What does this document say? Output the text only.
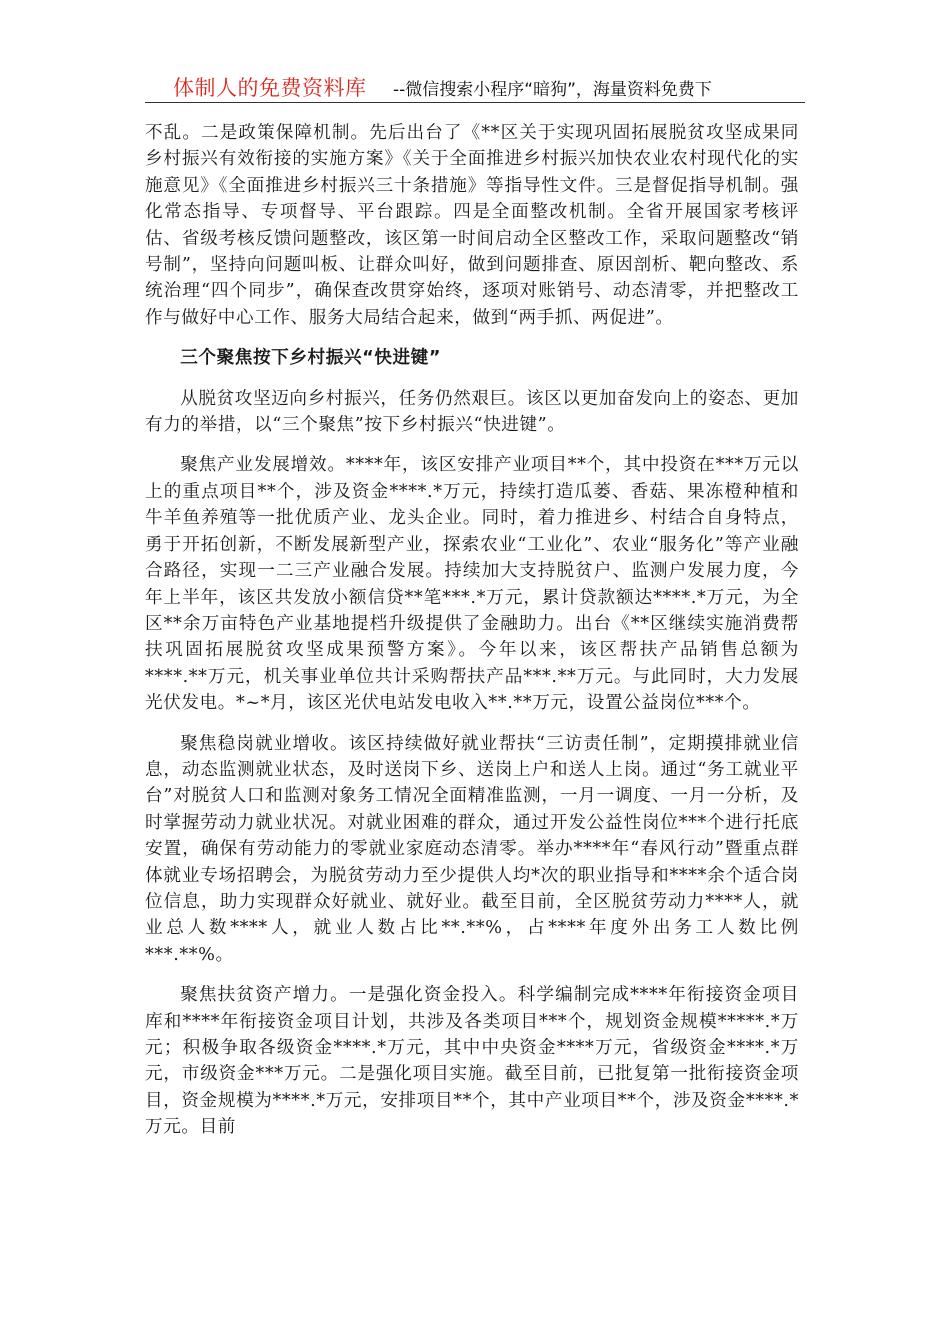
体制人的免费资料库 --微信搜索小程序“暗狗”，海量资料免费下

不乱。二是政策保障机制。先后出台了《**区关于实现巩固拓展脱贫攻坚成果同乡村振兴有效衔接的实施方案》《关于全面推进乡村振兴加快农业农村现代化的实施意见》《全面推进乡村振兴三十条措施》等指导性文件。三是督促指导机制。强化常态指导、专项督导、平台跟踪。四是全面整改机制。全省开展国家考核评估、省级考核反馈问题整改，该区第一时间启动全区整改工作，采取问题整改“销号制”，坚持向问题叫板、让群众叫好，做到问题排查、原因剖析、靶向整改、系统治理“四个同步”，确保查改贯穿始终，逐项对账销号、动态清零，并把整改工作与做好中心工作、服务大局结合起来，做到“两手抓、两促进”。

三个聚焦按下乡村振兴“快进键”

从脱贫攻坚迈向乡村振兴，任务仍然艰巨。该区以更加奋发向上的姿态、更加有力的举措，以“三个聚焦”按下乡村振兴“快进键”。

聚焦产业发展增效。****年，该区安排产业项目**个，其中投资在***万元以上的重点项目**个，涉及资金****.*万元，持续打造瓜蒌、香菇、果冻橙种植和牛羊鱼养殖等一批优质产业、龙头企业。同时，着力推进乡、村结合自身特点，勇于开拓创新，不断发展新型产业，探索农业“工业化”、农业“服务化”等产业融合路径，实现一二三产业融合发展。持续加大支持脱贫户、监测户发展力度，今年上半年，该区共发放小额信贷**笔***.*万元，累计贷款额达****.*万元，为全区**余万亩特色产业基地提档升级提供了金融助力。出台《**区继续实施消费帮扶巩固拓展脱贫攻坚成果预警方案》。今年以来，该区帮扶产品销售总额为****.**万元，机关事业单位共计采购帮扶产品***.**万元。与此同时，大力发展光伏发电。*~*月，该区光伏电站发电收入**.**万元，设置公益岗位***个。

聚焦稳岗就业增收。该区持续做好就业帮扶“三访责任制”，定期摸排就业信息，动态监测就业状态，及时送岗下乡、送岗上户和送人上岗。通过“务工就业平台”对脱贫人口和监测对象务工情况全面精准监测，一月一调度、一月一分析，及时掌握劳动力就业状况。对就业困难的群众，通过开发公益性岗位***个进行托底安置，确保有劳动能力的零就业家庭动态清零。举办****年“春风行动”暨重点群体就业专场招聘会，为脱贫劳动力至少提供人均*次的职业指导和****余个适合岗位信息，助力实现群众好就业、就好业。截至目前，全区脱贫劳动力****人，就业总人数****人，就业人数占比**.**%，占****年度外出务工人数比例***.**%。

聚焦扶贫资产增力。一是强化资金投入。科学编制完成****年衔接资金项目库和****年衔接资金项目计划，共涉及各类项目***个，规划资金规模*****.*万元；积极争取各级资金****.*万元，其中中央资金****万元，省级资金****.*万元，市级资金***万元。二是强化项目实施。截至目前，已批复第一批衔接资金项目，资金规模为****.*万元，安排项目**个，其中产业项目**个，涉及资金****.*万元。目前
